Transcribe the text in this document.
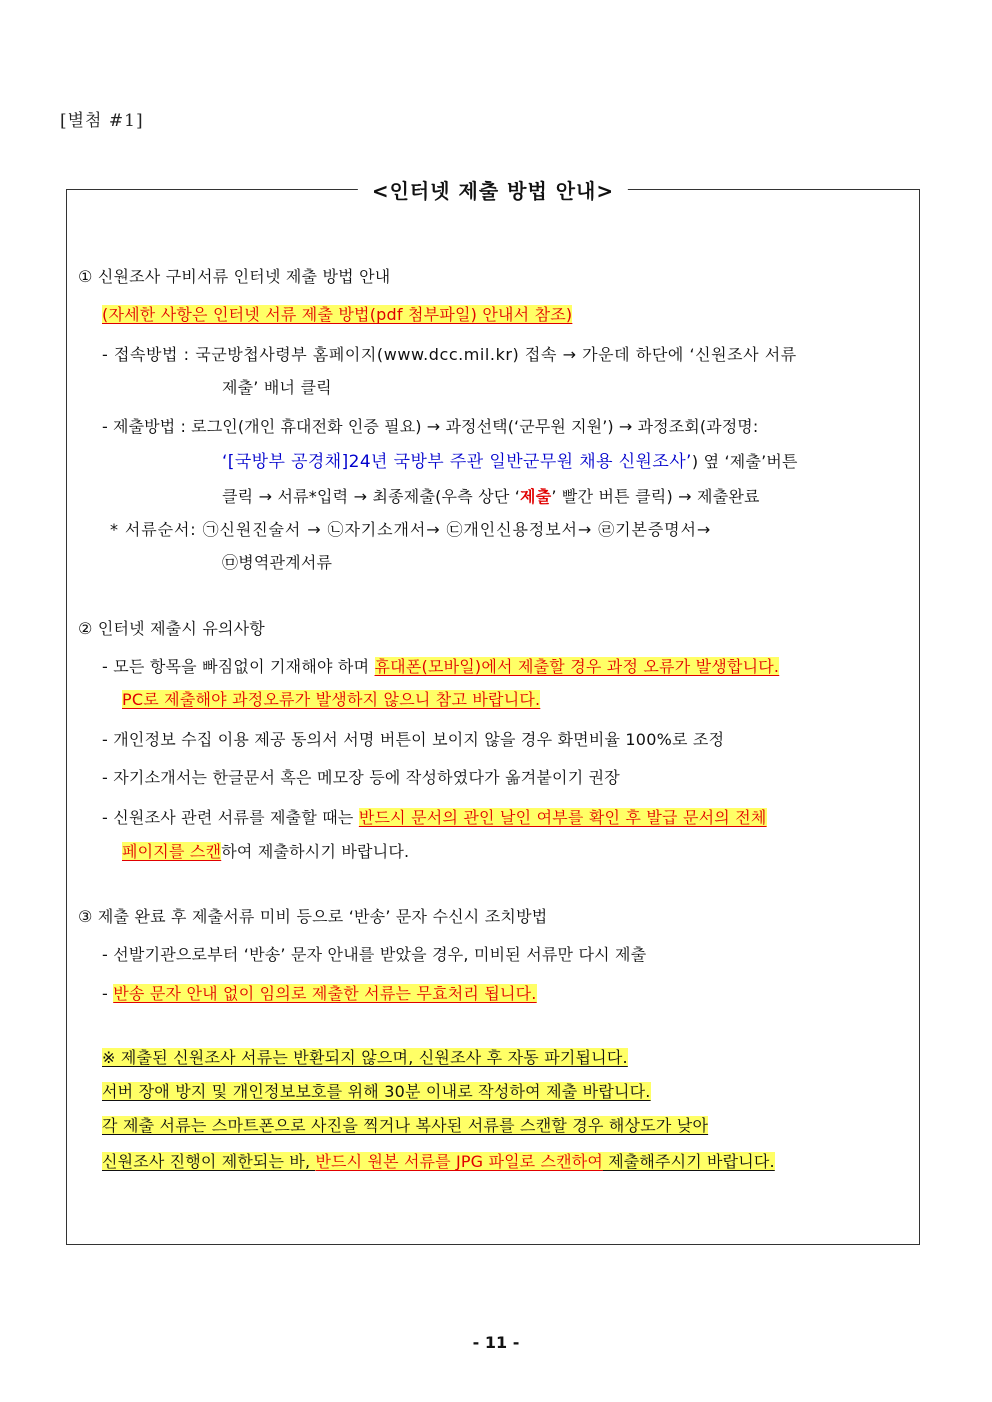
[별첨 #1]
<인터넷 제출 방법 안내>
① 신원조사 구비서류 인터넷 제출 방법 안내
(자세한 사항은 인터넷 서류 제출 방법(pdf 첨부파일) 안내서 참조)
- 접속방법 : 국군방첩사령부 홈페이지(www.dcc.mil.kr) 접속 → 가운데 하단에 ‘신원조사 서류
제출’ 배너 클릭
- 제출방법 : 로그인(개인 휴대전화 인증 필요) → 과정선택(‘군무원 지원’) → 과정조회(과정명:
‘[국방부 공경채]24년 국방부 주관 일반군무원 채용 신원조사’) 옆 ‘제출’버튼
클릭 → 서류*입력 → 최종제출(우측 상단 ‘제출’ 빨간 버튼 클릭) → 제출완료
* 서류순서: ㉠신원진술서 → ㉡자기소개서→ ㉢개인신용정보서→ ㉣기본증명서→
㉤병역관계서류
② 인터넷 제출시 유의사항
- 모든 항목을 빠짐없이 기재해야 하며 휴대폰(모바일)에서 제출할 경우 과정 오류가 발생합니다.
PC로 제출해야 과정오류가 발생하지 않으니 참고 바랍니다.
- 개인정보 수집 이용 제공 동의서 서명 버튼이 보이지 않을 경우 화면비율 100%로 조정
- 자기소개서는 한글문서 혹은 메모장 등에 작성하였다가 옮겨붙이기 권장
- 신원조사 관련 서류를 제출할 때는 반드시 문서의 관인 날인 여부를 확인 후 발급 문서의 전체
페이지를 스캔하여 제출하시기 바랍니다.
③ 제출 완료 후 제출서류 미비 등으로 ‘반송’ 문자 수신시 조치방법
- 선발기관으로부터 ‘반송’ 문자 안내를 받았을 경우, 미비된 서류만 다시 제출
- 반송 문자 안내 없이 임의로 제출한 서류는 무효처리 됩니다.
※ 제출된 신원조사 서류는 반환되지 않으며, 신원조사 후 자동 파기됩니다.
서버 장애 방지 및 개인정보보호를 위해 30분 이내로 작성하여 제출 바랍니다.
각 제출 서류는 스마트폰으로 사진을 찍거나 복사된 서류를 스캔할 경우 해상도가 낮아
신원조사 진행이 제한되는 바, 반드시 원본 서류를 JPG 파일로 스캔하여 제출해주시기 바랍니다.
- 11 -
